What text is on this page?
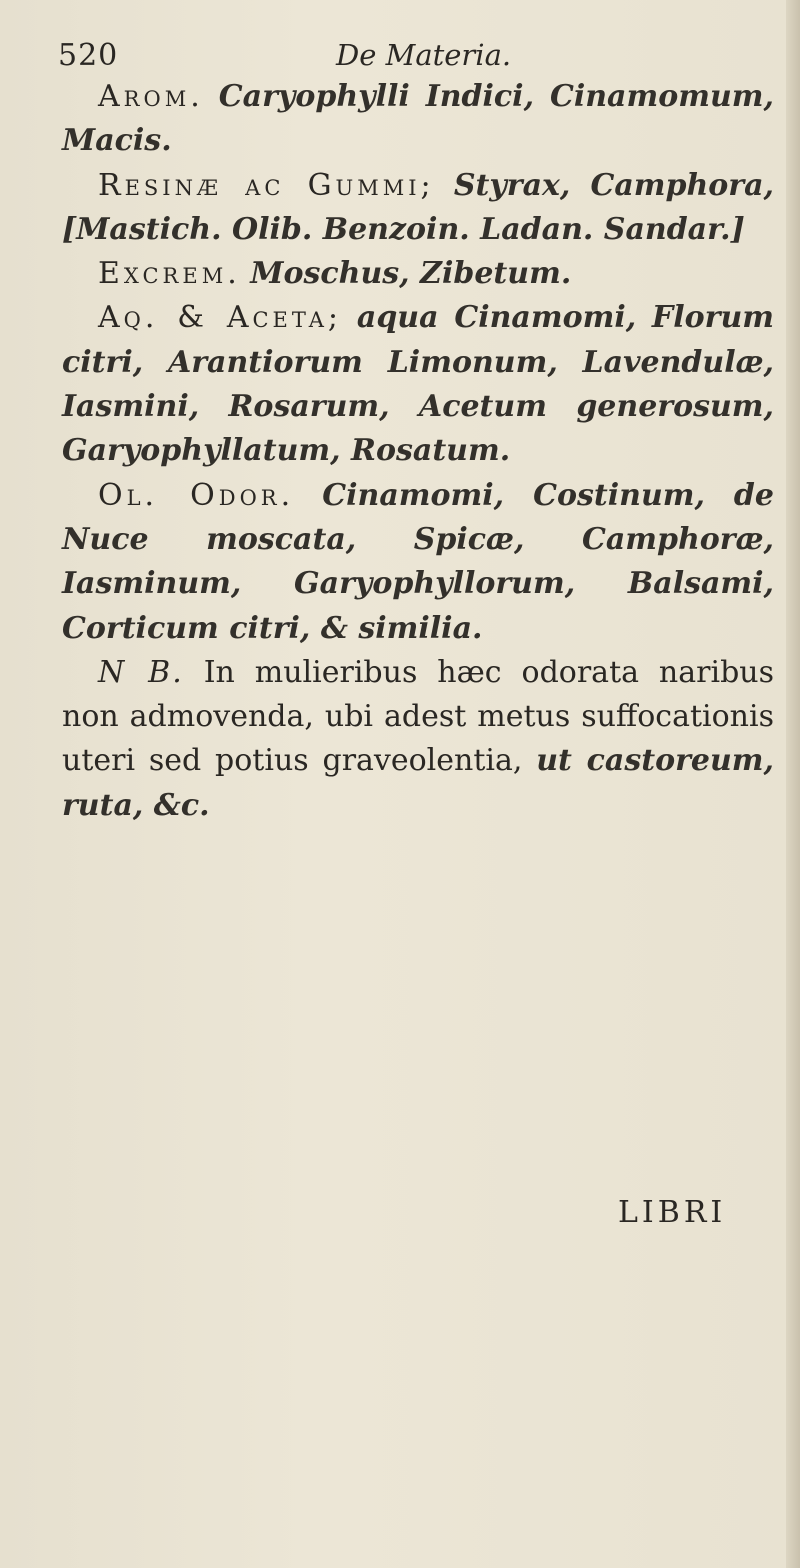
520	De Materia.

Arom. Caryophylli Indici, Cinamomum, Macis.

Resinæ ac Gummi; Styrax, Camphora, [Mastich. Olib. Benzoin. Ladan. Sandar.]

Excrem. Moschus, Zibetum.

Aq. & Aceta; aqua Cinamomi, Florum citri, Arantiorum Limonum, Lavendulæ, Iasmini, Rosarum, Acetum generosum, Garyophyllatum, Rosatum.

Ol. Odor. Cinamomi, Costinum, de Nuce moscata, Spicæ, Camphoræ, Iasminum, Garyophyllorum, Balsami, Corticum citri, & similia.

N B. In mulieribus hæc odorata naribus non admovenda, ubi adest metus suffocationis uteri sed potius graveolentia, ut castoreum, ruta, &c.

LIBRI
